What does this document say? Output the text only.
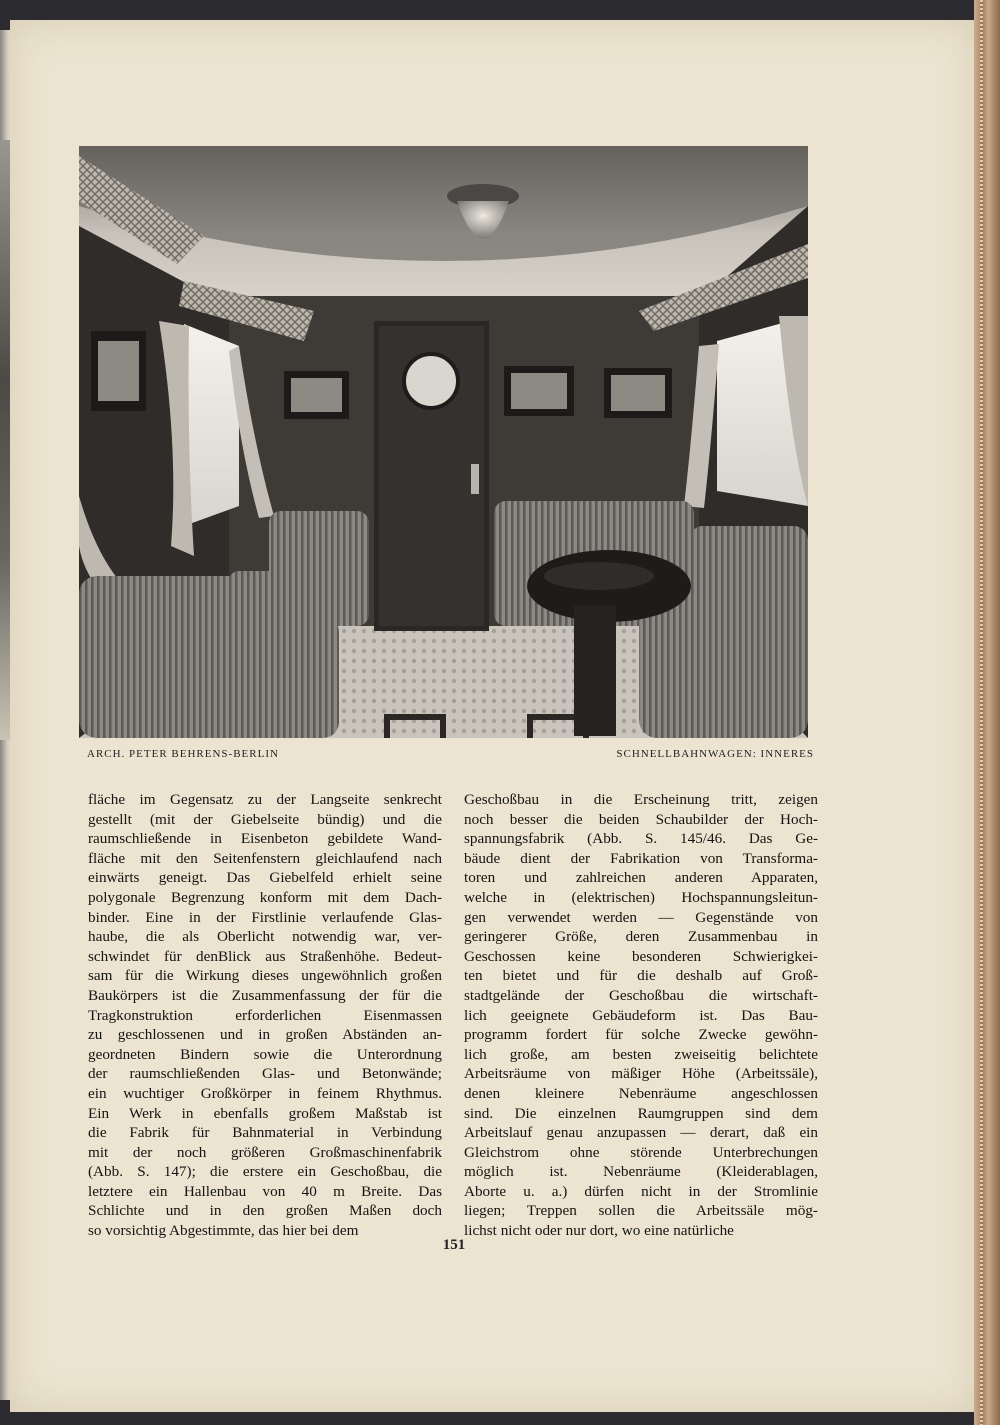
ARCH. PETER BEHRENS-BERLIN	SCHNELLBAHNWAGEN: INNERES
fläche im Gegensatz zu der Langseite senkrecht
gestellt (mit der Giebelseite bündig) und die
raumschließende in Eisenbeton gebildete Wand-
fläche mit den Seitenfenstern gleichlaufend nach
einwärts geneigt. Das Giebelfeld erhielt seine
polygonale Begrenzung konform mit dem Dach-
binder. Eine in der Firstlinie verlaufende Glas-
haube, die als Oberlicht notwendig war, ver-
schwindet für denBlick aus Straßenhöhe. Bedeut-
sam für die Wirkung dieses ungewöhnlich großen
Baukörpers ist die Zusammenfassung der für die
Tragkonstruktion erforderlichen Eisenmassen
zu geschlossenen und in großen Abständen an-
geordneten Bindern sowie die Unterordnung
der raumschließenden Glas- und Betonwände;
ein wuchtiger Großkörper in feinem Rhythmus.
Ein Werk in ebenfalls großem Maßstab ist
die Fabrik für Bahnmaterial in Verbindung
mit der noch größeren Großmaschinenfabrik
(Abb. S. 147); die erstere ein Geschoßbau, die
letztere ein Hallenbau von 40 m Breite. Das
Schlichte und in den großen Maßen doch
so vorsichtig Abgestimmte, das hier bei dem
Geschoßbau in die Erscheinung tritt, zeigen
noch besser die beiden Schaubilder der Hoch-
spannungsfabrik (Abb. S. 145/46. Das Ge-
bäude dient der Fabrikation von Transforma-
toren und zahlreichen anderen Apparaten,
welche in (elektrischen) Hochspannungsleitun-
gen verwendet werden — Gegenstände von
geringerer Größe, deren Zusammenbau in
Geschossen keine besonderen Schwierigkei-
ten bietet und für die deshalb auf Groß-
stadtgelände der Geschoßbau die wirtschaft-
lich geeignete Gebäudeform ist. Das Bau-
programm fordert für solche Zwecke gewöhn-
lich große, am besten zweiseitig belichtete
Arbeitsräume von mäßiger Höhe (Arbeitssäle),
denen kleinere Nebenräume angeschlossen
sind. Die einzelnen Raumgruppen sind dem
Arbeitslauf genau anzupassen — derart, daß ein
Gleichstrom ohne störende Unterbrechungen
möglich ist. Nebenräume (Kleiderablagen,
Aborte u. a.) dürfen nicht in der Stromlinie
liegen; Treppen sollen die Arbeitssäle mög-
lichst nicht oder nur dort, wo eine natürliche
151
